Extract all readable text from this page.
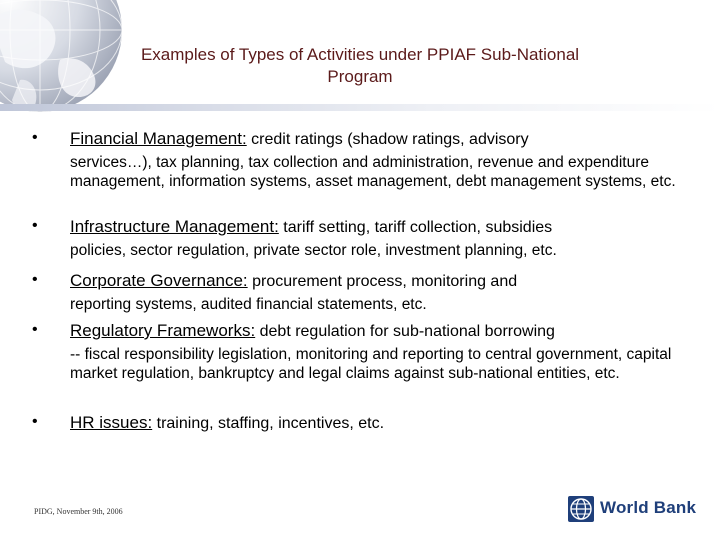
Examples of Types of Activities under PPIAF Sub-National
Program
• Financial Management: credit ratings (shadow ratings, advisory
services…), tax planning, tax collection and administration, revenue and expenditure management, information systems, asset management, debt management systems, etc.
• Infrastructure Management: tariff setting, tariff collection, subsidies
policies, sector regulation, private sector role, investment planning, etc.
• Corporate Governance: procurement process, monitoring and
reporting systems, audited financial statements, etc.
• Regulatory Frameworks: debt regulation for sub-national borrowing
-- fiscal responsibility legislation, monitoring and reporting to central government, capital market regulation, bankruptcy and legal claims against sub-national entities, etc.
• HR issues: training, staffing, incentives, etc.
PIDG, November 9th, 2006	World Bank
